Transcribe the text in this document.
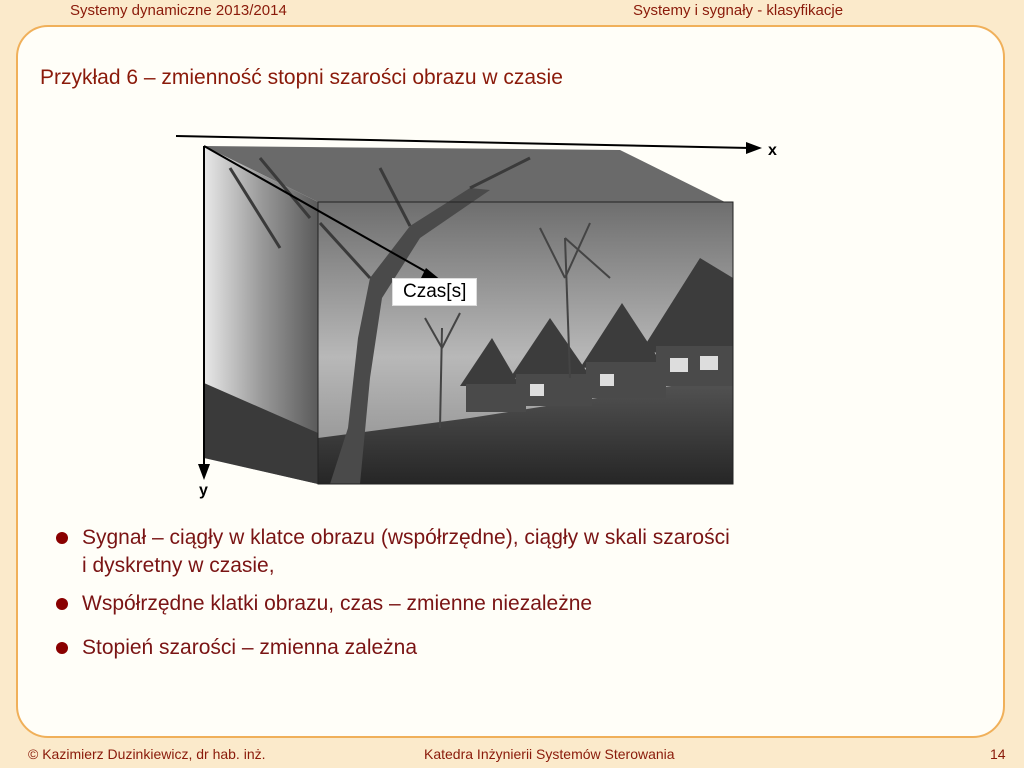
Systemy dynamiczne 2013/2014	Systemy i sygnały - klasyfikacje
Przykład 6 – zmienność stopni szarości obrazu w czasie
Czas[s]
x
y
Sygnał – ciągły w klatce obrazu (współrzędne), ciągły w skali szarości
i dyskretny w czasie,
Współrzędne klatki obrazu, czas – zmienne niezależne
Stopień szarości – zmienna zależna
© Kazimierz Duzinkiewicz, dr hab. inż.	Katedra Inżynierii Systemów Sterowania	14
